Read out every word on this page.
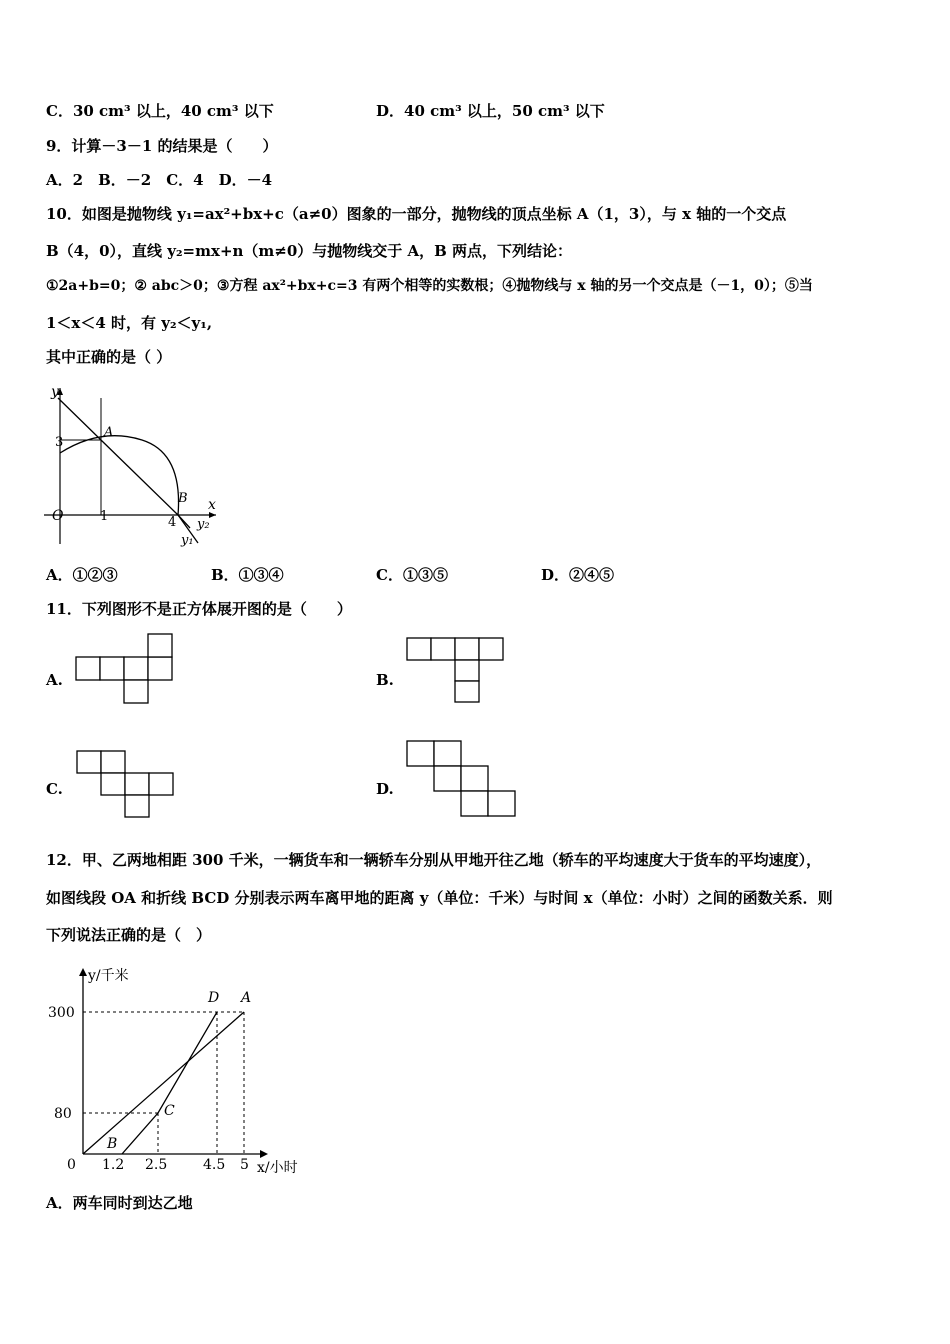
C．30 cm³ 以上，40 cm³ 以下	D．40 cm³ 以上，50 cm³ 以下
9．计算－3－1 的结果是（　　）
A．2　B．－2　C．4　D．－4
10．如图是抛物线 y₁=ax²+bx+c（a≠0）图象的一部分，抛物线的顶点坐标 A（1，3），与 x 轴的一个交点
B（4，0），直线 y₂=mx+n（m≠0）与抛物线交于 A，B 两点，下列结论：
①2a+b=0；② abc＞0；③方程 ax²+bx+c=3 有两个相等的实数根；④抛物线与 x 轴的另一个交点是（－1，0）；⑤当
1＜x＜4 时，有 y₂＜y₁,
其中正确的是（ ）
y
x
O	1	4
3
A
B
y₂
y₁
A．①②③	B．①③④	C．①③⑤	D．②④⑤
11．下列图形不是正方体展开图的是（　　）
A.	B.
C.	D.
12．甲、乙两地相距 300 千米，一辆货车和一辆轿车分别从甲地开往乙地（轿车的平均速度大于货车的平均速度），
如图线段 OA 和折线 BCD 分别表示两车离甲地的距离 y（单位：千米）与时间 x（单位：小时）之间的函数关系．则
下列说法正确的是（　）
y/千米
x/小时
0 1.2 2.5	4.5 5
300
80
D A
C
B
A．两车同时到达乙地
